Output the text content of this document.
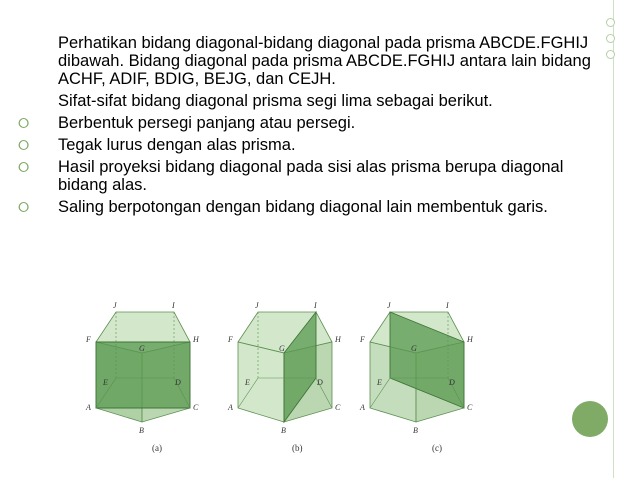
Perhatikan bidang diagonal-bidang diagonal pada prisma ABCDE.FGHIJ dibawah. Bidang diagonal pada prisma ABCDE.FGHIJ antara lain bidang ACHF, ADIF, BDIG, BEJG, dan CEJH.

Sifat-sifat bidang diagonal prisma segi lima sebagai berikut.

⭘ Berbentuk persegi panjang atau persegi.

⭘ Tegak lurus dengan alas prisma.

⭘ Hasil proyeksi bidang diagonal pada sisi alas prisma berupa diagonal bidang alas.

⭘ Saling berpotongan dengan bidang diagonal lain membentuk garis.

J	I
F	H
G
E	D
A	C
B
(a)
J	I
F	H
G
E	D
A	C
B
(b)
J	I
F	H
G
E	D
A	C
B
(c)
